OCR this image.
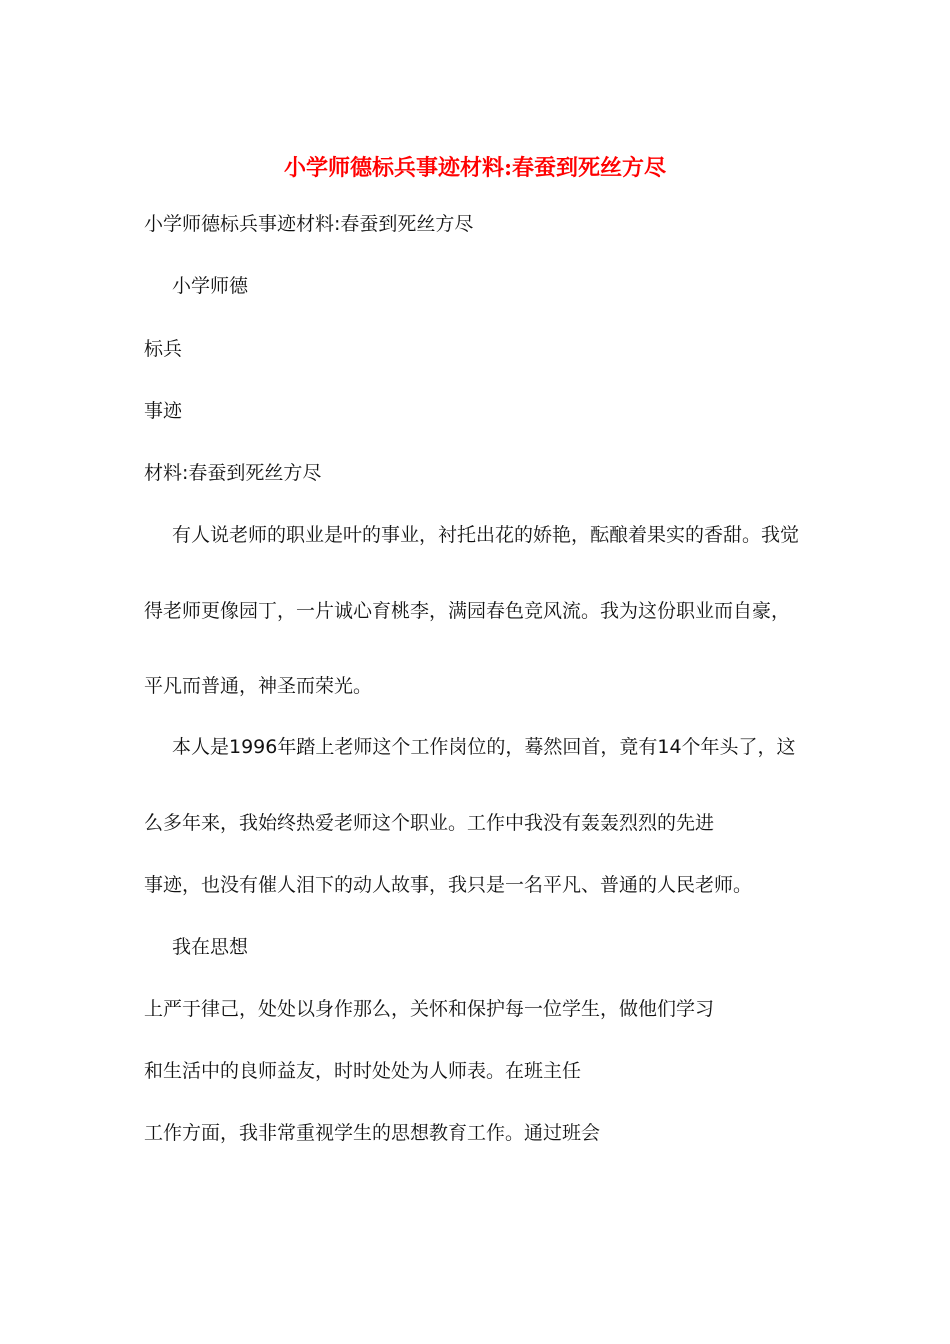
小学师德标兵事迹材料:春蚕到死丝方尽
小学师德标兵事迹材料:春蚕到死丝方尽
小学师德
标兵
事迹
材料:春蚕到死丝方尽
有人说老师的职业是叶的事业，衬托出花的娇艳，酝酿着果实的香甜。我觉
得老师更像园丁，一片诚心育桃李，满园春色竞风流。我为这份职业而自豪，
平凡而普通，神圣而荣光。
本人是1996年踏上老师这个工作岗位的，蓦然回首，竟有14个年头了，这
么多年来，我始终热爱老师这个职业。工作中我没有轰轰烈烈的先进
事迹，也没有催人泪下的动人故事，我只是一名平凡、普通的人民老师。
我在思想
上严于律己，处处以身作那么，关怀和保护每一位学生，做他们学习
和生活中的良师益友，时时处处为人师表。在班主任
工作方面，我非常重视学生的思想教育工作。通过班会
